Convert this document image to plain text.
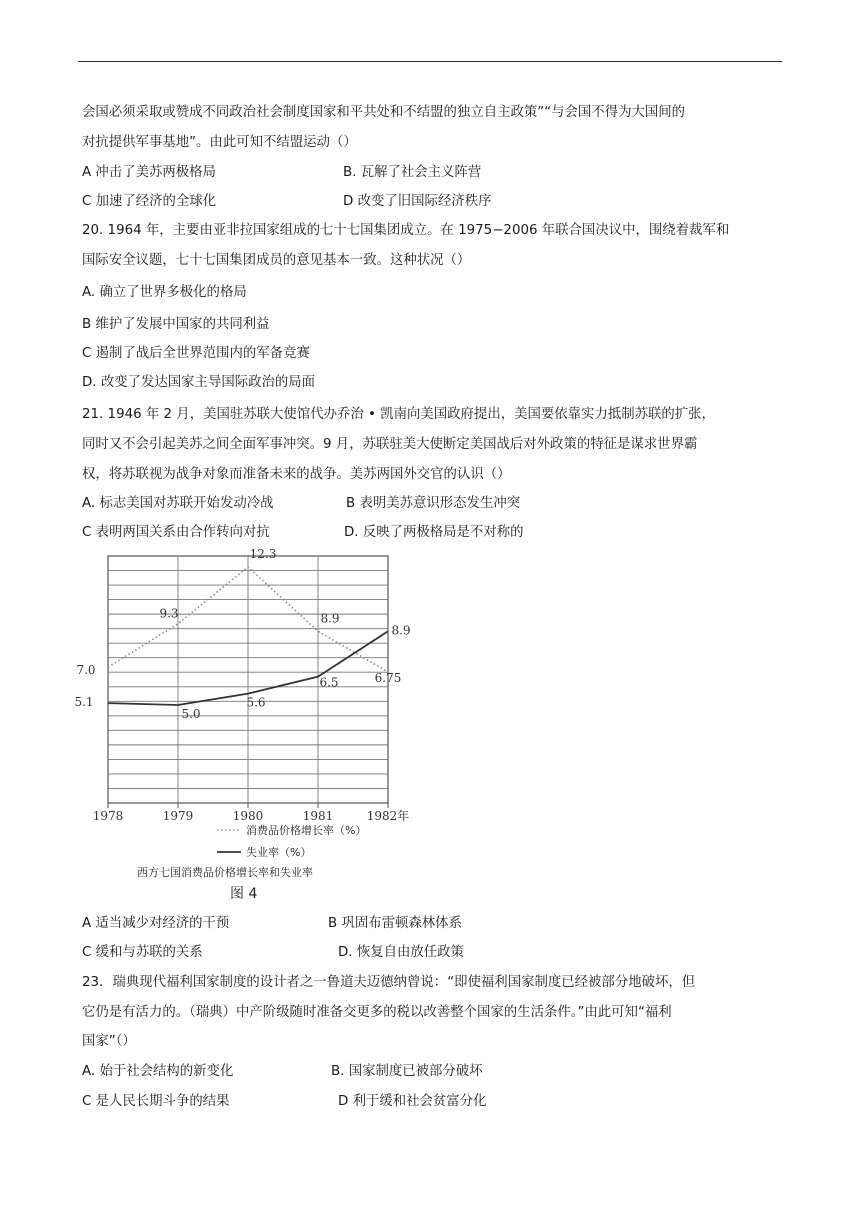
会国必须采取或赞成不同政治社会制度国家和平共处和不结盟的独立自主政策”“与会国不得为大国间的
对抗提供军事基地”。由此可知不结盟运动（）
A 冲击了美苏两极格局	B. 瓦解了社会主义阵营
C 加速了经济的全球化	D 改变了旧国际经济秩序
20. 1964 年，主要由亚非拉国家组成的七十七国集团成立。在 1975−2006 年联合国决议中，围绕着裁军和
国际安全议题，七十七国集团成员的意见基本一致。这种状况（）
A. 确立了世界多极化的格局
B 维护了发展中国家的共同利益
C 遏制了战后全世界范围内的军备竞赛
D. 改变了发达国家主导国际政治的局面
21. 1946 年 2 月，美国驻苏联大使馆代办乔治 • 凯南向美国政府提出，美国要依靠实力抵制苏联的扩张，
同时又不会引起美苏之间全面军事冲突。9 月，苏联驻美大使断定美国战后对外政策的特征是谋求世界霸
权，将苏联视为战争对象而准备未来的战争。美苏两国外交官的认识（）
A. 标志美国对苏联开始发动冷战	B 表明美苏意识形态发生冲突
C 表明两国关系由合作转向对抗	D. 反映了两极格局是不对称的
7.0
9.3
12.3
8.9
6.75
5.1
5.0
5.6
6.5
8.9
1978	1979	1980	1981	1982年
消费品价格增长率（%）
失业率（%）
西方七国消费品价格增长率和失业率
图 4
A 适当减少对经济的干预	B 巩固布雷顿森林体系
C 缓和与苏联的关系	D. 恢复自由放任政策
23．瑞典现代福利国家制度的设计者之一鲁道夫迈德纳曾说：“即使福利国家制度已经被部分地破坏，但
它仍是有活力的。（瑞典）中产阶级随时准备交更多的税以改善整个国家的生活条件。”由此可知“福利
国家”（）
A. 始于社会结构的新变化	B. 国家制度已被部分破坏
C 是人民长期斗争的结果	D 利于缓和社会贫富分化
